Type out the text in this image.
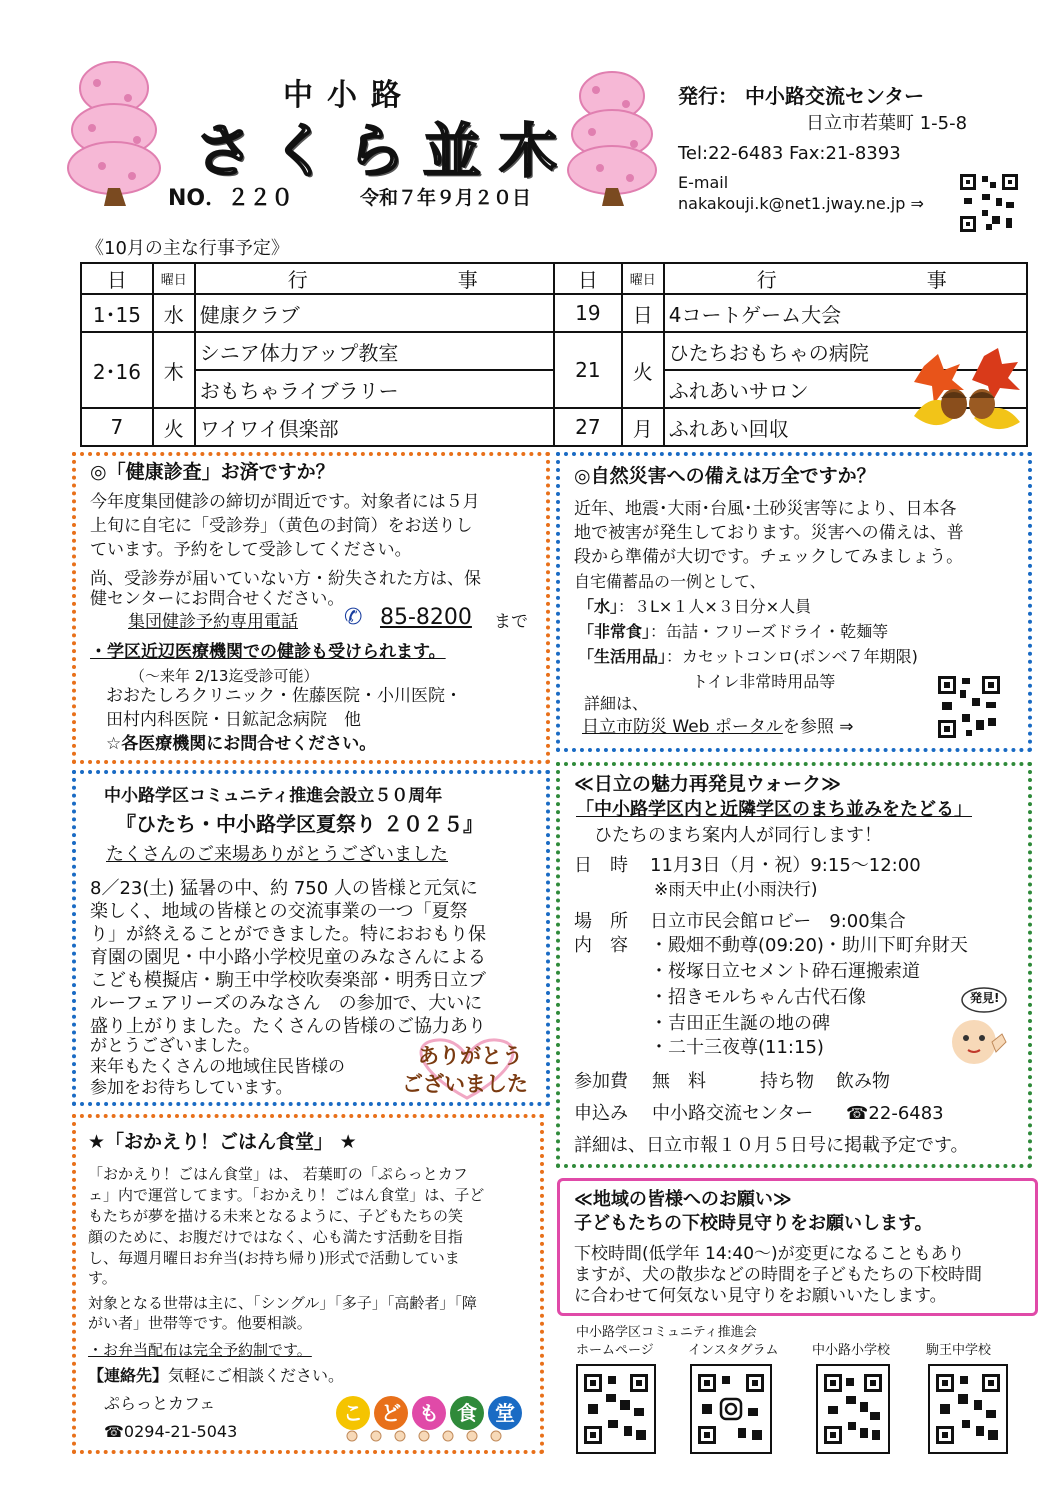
中小路
さくら並木
NO．２２０	令和７年９月２０日
発行： 中小路交流センター
日立市若葉町 1-5-8
Tel:22-6483 Fax:21-8393
E-mail
nakakouji.k@net1.jway.ne.jp ⇒
《10月の主な行事予定》
日	曜日	行 事	日	曜日	行 事
1･15	水	健康クラブ	19	日	4コートゲーム大会
2･16	木	シニア体力アップ教室	21	火	ひたちおもちゃの病院
		おもちゃライブラリー			ふれあいサロン
7	火	ワイワイ倶楽部	27	月	ふれあい回収
◎「健康診査」お済ですか？
今年度集団健診の締切が間近です。対象者には５月
上旬に自宅に「受診券」（黄色の封筒）をお送りし
ています。予約をして受診してください。
尚、受診券が届いていない方・紛失された方は、保
健センターにお問合せください。
集団健診予約専用電話 ✆ 85-8200 まで
・学区近辺医療機関での健診も受けられます。
（～来年 2/13迄受診可能）
おおたしろクリニック・佐藤医院・小川医院・
田村内科医院・日鉱記念病院　他
☆各医療機関にお問合せください。
◎自然災害への備えは万全ですか？
近年、地震･大雨･台風･土砂災害等により、日本各
地で被害が発生しております。災害への備えは、普
段から準備が大切です。チェックしてみましょう。
自宅備蓄品の一例として、
「水」：３L×１人×３日分×人員
「非常食」：缶詰・フリーズドライ・乾麺等
「生活用品」：カセットコンロ(ボンベ７年期限)
トイレ非常時用品等
詳細は、
日立市防災 Web ポータルを参照 ⇒
中小路学区コミュニティ推進会設立５０周年
『ひたち・中小路学区夏祭り ２０２５』
たくさんのご来場ありがとうございました
8／23(土) 猛暑の中、約 750 人の皆様と元気に
楽しく、地域の皆様との交流事業の一つ「夏祭
り」が終えることができました。特におおもり保
育園の園児・中小路小学校児童のみなさんによる
こども模擬店・駒王中学校吹奏楽部・明秀日立ブ
ルーフェアリーズのみなさん　の参加で、大いに
盛り上がりました。たくさんの皆様のご協力あり
がとうございました。
来年もたくさんの地域住民皆様の
参加をお待ちしています。
ありがとう
ございました
≪日立の魅力再発見ウォーク≫
「中小路学区内と近隣学区のまち並みをたどる」
ひたちのまち案内人が同行します！
日　時 11月3日（月・祝）9:15～12:00
※雨天中止(小雨決行)
場　所 日立市民会館ロビー　9:00集合
内　容 ・殿畑不動尊(09:20)・助川下町弁財天
・桜塚日立セメント砕石運搬索道
・招きモルちゃん古代石像
・吉田正生誕の地の碑
・二十三夜尊(11:15)
発見!
参加費 無　料	持ち物 飲み物
申込み 中小路交流センター ☎22-6483
詳細は、日立市報１０月５日号に掲載予定です。
≪地域の皆様へのお願い≫
子どもたちの下校時見守りをお願いします。
下校時間(低学年 14:40～)が変更になることもあり
ますが、犬の散歩などの時間を子どもたちの下校時間
に合わせて何気ない見守りをお願いいたします。
★「おかえり！ごはん食堂」 ★
「おかえり！ごはん食堂」は、 若葉町の「ぷらっとカフ
ェ」内で運営してます。「おかえり！ごはん食堂」は、子ど
もたちが夢を描ける未来となるように、子どもたちの笑
顔のために、お腹だけではなく、心も満たす活動を目指
し、毎週月曜日お弁当(お持ち帰り)形式で活動していま
す。
対象となる世帯は主に、「シングル」「多子」「高齢者」「障
がい者」世帯等です。他要相談。
・お弁当配布は完全予約制です。
【連絡先】気軽にご相談ください。
ぷらっとカフェ
☎0294-21-5043
こ ど も 食 堂
中小路学区コミュニティ推進会
ホームページ	インスタグラム	中小路小学校	駒王中学校
